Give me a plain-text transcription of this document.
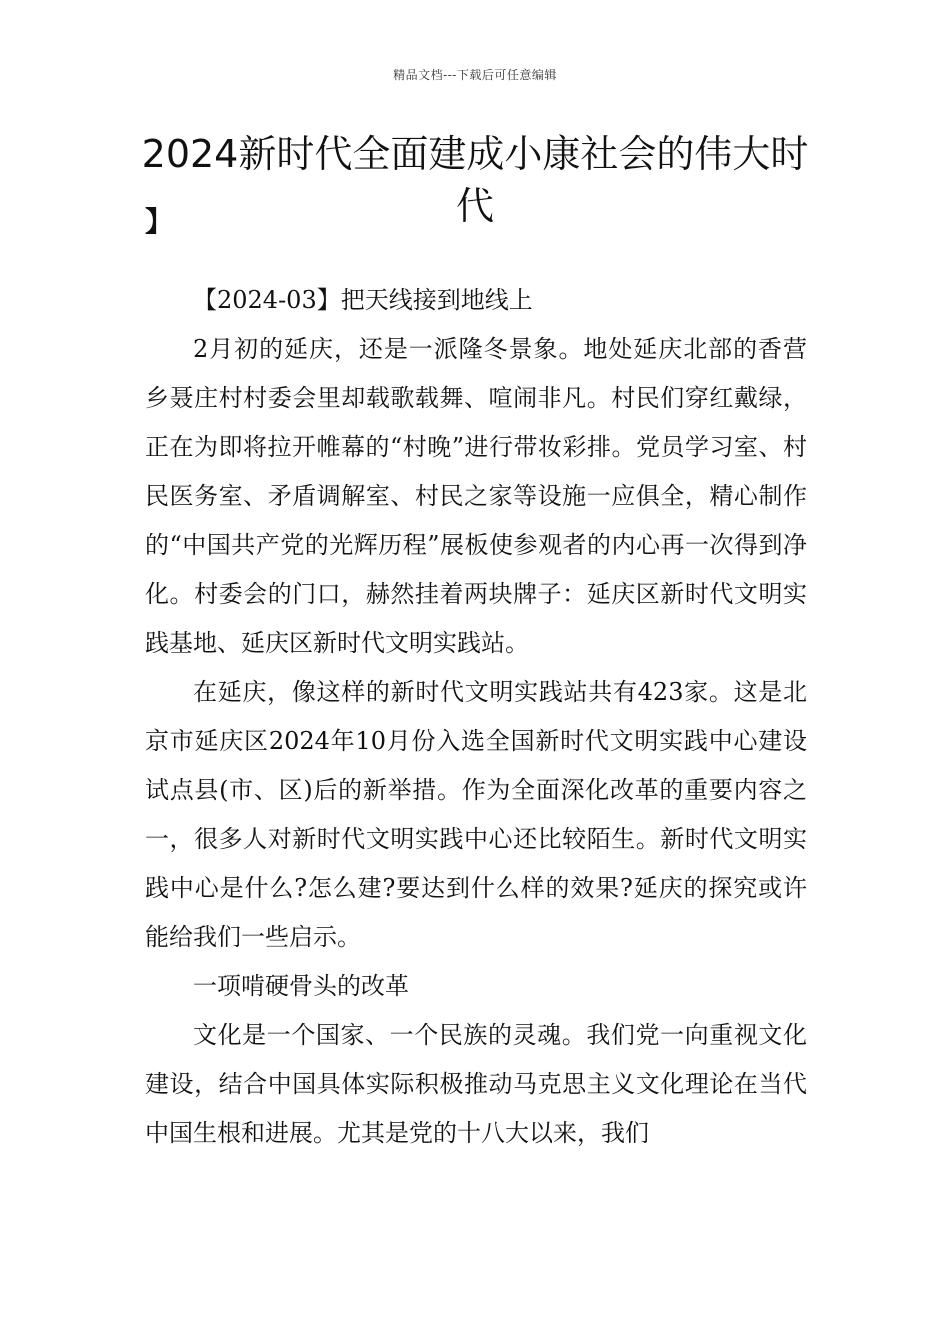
精品文档---下载后可任意编辑
2024新时代全面建成小康社会的伟大时代
】

【2024-03】把天线接到地线上

2月初的延庆，还是一派隆冬景象。地处延庆北部的香营乡聂庄村村委会里却载歌载舞、喧闹非凡。村民们穿红戴绿，正在为即将拉开帷幕的“村晚”进行带妆彩排。党员学习室、村民医务室、矛盾调解室、村民之家等设施一应俱全，精心制作的“中国共产党的光辉历程”展板使参观者的内心再一次得到净化。村委会的门口，赫然挂着两块牌子：延庆区新时代文明实践基地、延庆区新时代文明实践站。

在延庆，像这样的新时代文明实践站共有423家。这是北京市延庆区2024年10月份入选全国新时代文明实践中心建设试点县(市、区)后的新举措。作为全面深化改革的重要内容之一，很多人对新时代文明实践中心还比较陌生。新时代文明实践中心是什么?怎么建?要达到什么样的效果?延庆的探究或许能给我们一些启示。

一项啃硬骨头的改革

文化是一个国家、一个民族的灵魂。我们党一向重视文化建设，结合中国具体实际积极推动马克思主义文化理论在当代中国生根和进展。尤其是党的十八大以来，我们
